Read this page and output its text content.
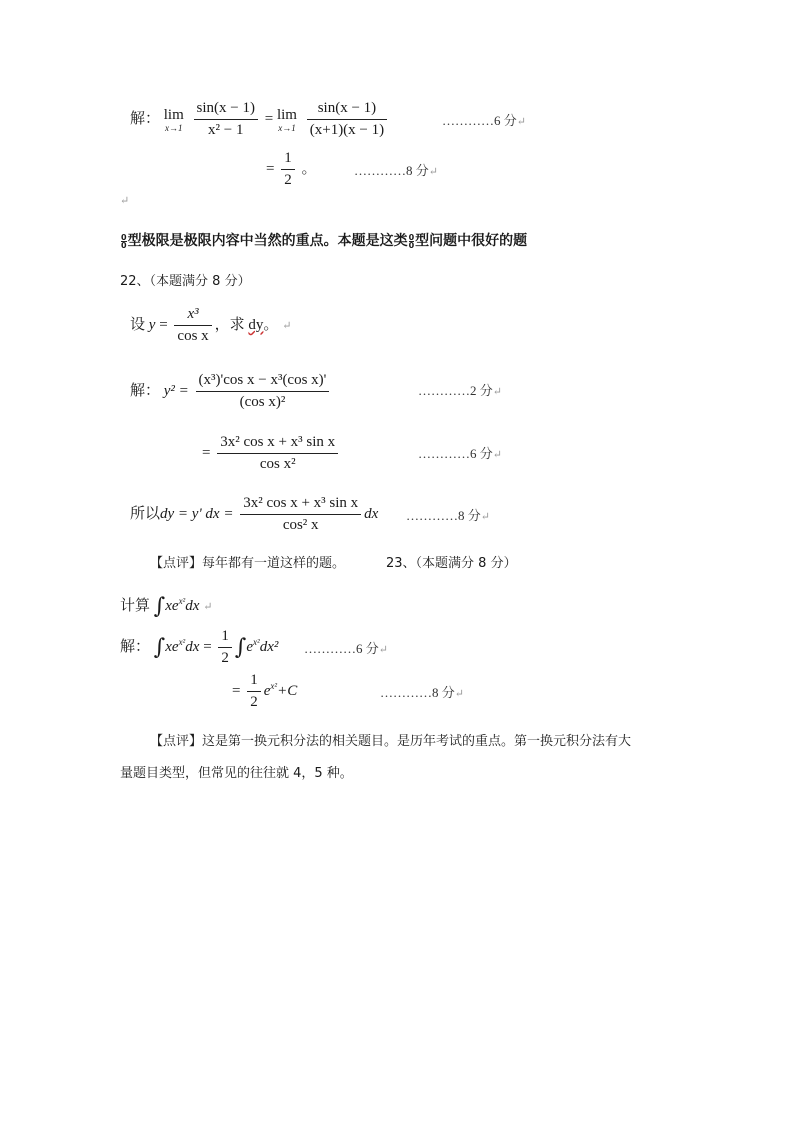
解： lim
x→1
$\frac{\sin(x - 1)}{\text{x² − 1}} = \lim$
x→1
$\frac{\sin(x - 1)}{(x+1)(x - 1)}$	…………6 分↵
= $\frac{1}{2}$ 。	…………8 分↵
↵
$\frac{0}{0}$ 型极限是极限内容中当然的重点。本题是这类$\frac{0}{0}$ 型问题中很好的题
22、（本题满分 8 分）
设 $y = \frac{\text{x³}}{\text{cos x}}$ ，求 dy。 ↵
解： $y^2 = \frac{\text{(x³)'cos x − x³(cos x)'}}{\text{(cos x)²}}$	…………2 分↵
= $\frac{\text{3x² cos x + x³ sin x}}{\text{cos x²}}$	…………6 分↵
所以dy = y' dx = $\frac{\text{3x² cos x + x³ sin x}}{\text{cos² x}}$ dx …………8 分↵
【点评】每年都有一道这样的题。	23、（本题满分 8 分）
计算 $\int xe^{x^2}dx$ ↵
解： $\int xe^{x^2}dx = \frac{1}{2} \int e^{x^2}dx^2$ …………6 分↵
= $\frac{1}{2} e^{x^2}+C$	…………8 分↵
【点评】这是第一换元积分法的相关题目。是历年考试的重点。第一换元积分法有大
量题目类型，但常见的往往就 4，5 种。
